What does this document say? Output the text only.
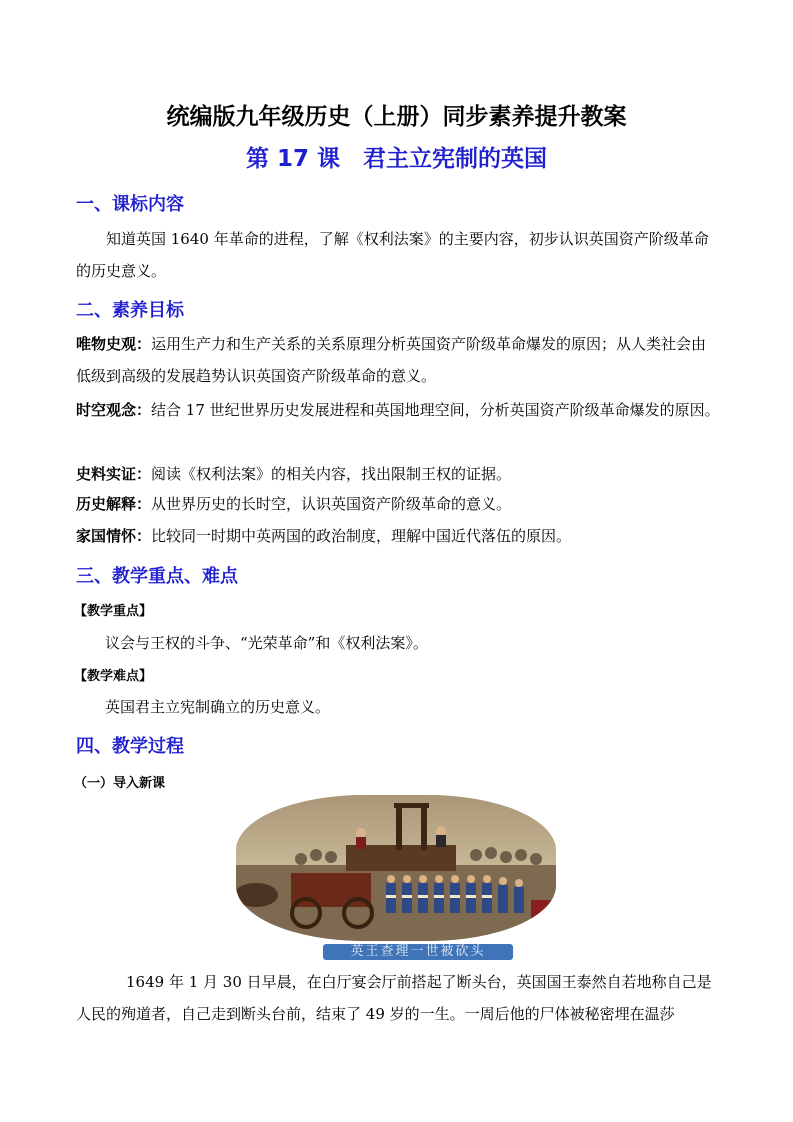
统编版九年级历史（上册）同步素养提升教案
第 17 课　君主立宪制的英国
一、课标内容
知道英国 1640 年革命的进程，了解《权利法案》的主要内容，初步认识英国资产阶级革命的历史意义。
二、素养目标
唯物史观：运用生产力和生产关系的关系原理分析英国资产阶级革命爆发的原因；从人类社会由低级到高级的发展趋势认识英国资产阶级革命的意义。
时空观念：结合 17 世纪世界历史发展进程和英国地理空间，分析英国资产阶级革命爆发的原因。
史料实证：阅读《权利法案》的相关内容，找出限制王权的证据。
历史解释：从世界历史的长时空，认识英国资产阶级革命的意义。
家国情怀：比较同一时期中英两国的政治制度，理解中国近代落伍的原因。
三、教学重点、难点
【教学重点】
议会与王权的斗争、“光荣革命”和《权利法案》。
【教学难点】
英国君主立宪制确立的历史意义。
四、教学过程
（一）导入新课
英王查理一世被砍头
1649 年 1 月 30 日早晨，在白厅宴会厅前搭起了断头台，英国国王泰然自若地称自己是人民的殉道者，自己走到断头台前，结束了 49 岁的一生。一周后他的尸体被秘密埋在温莎
